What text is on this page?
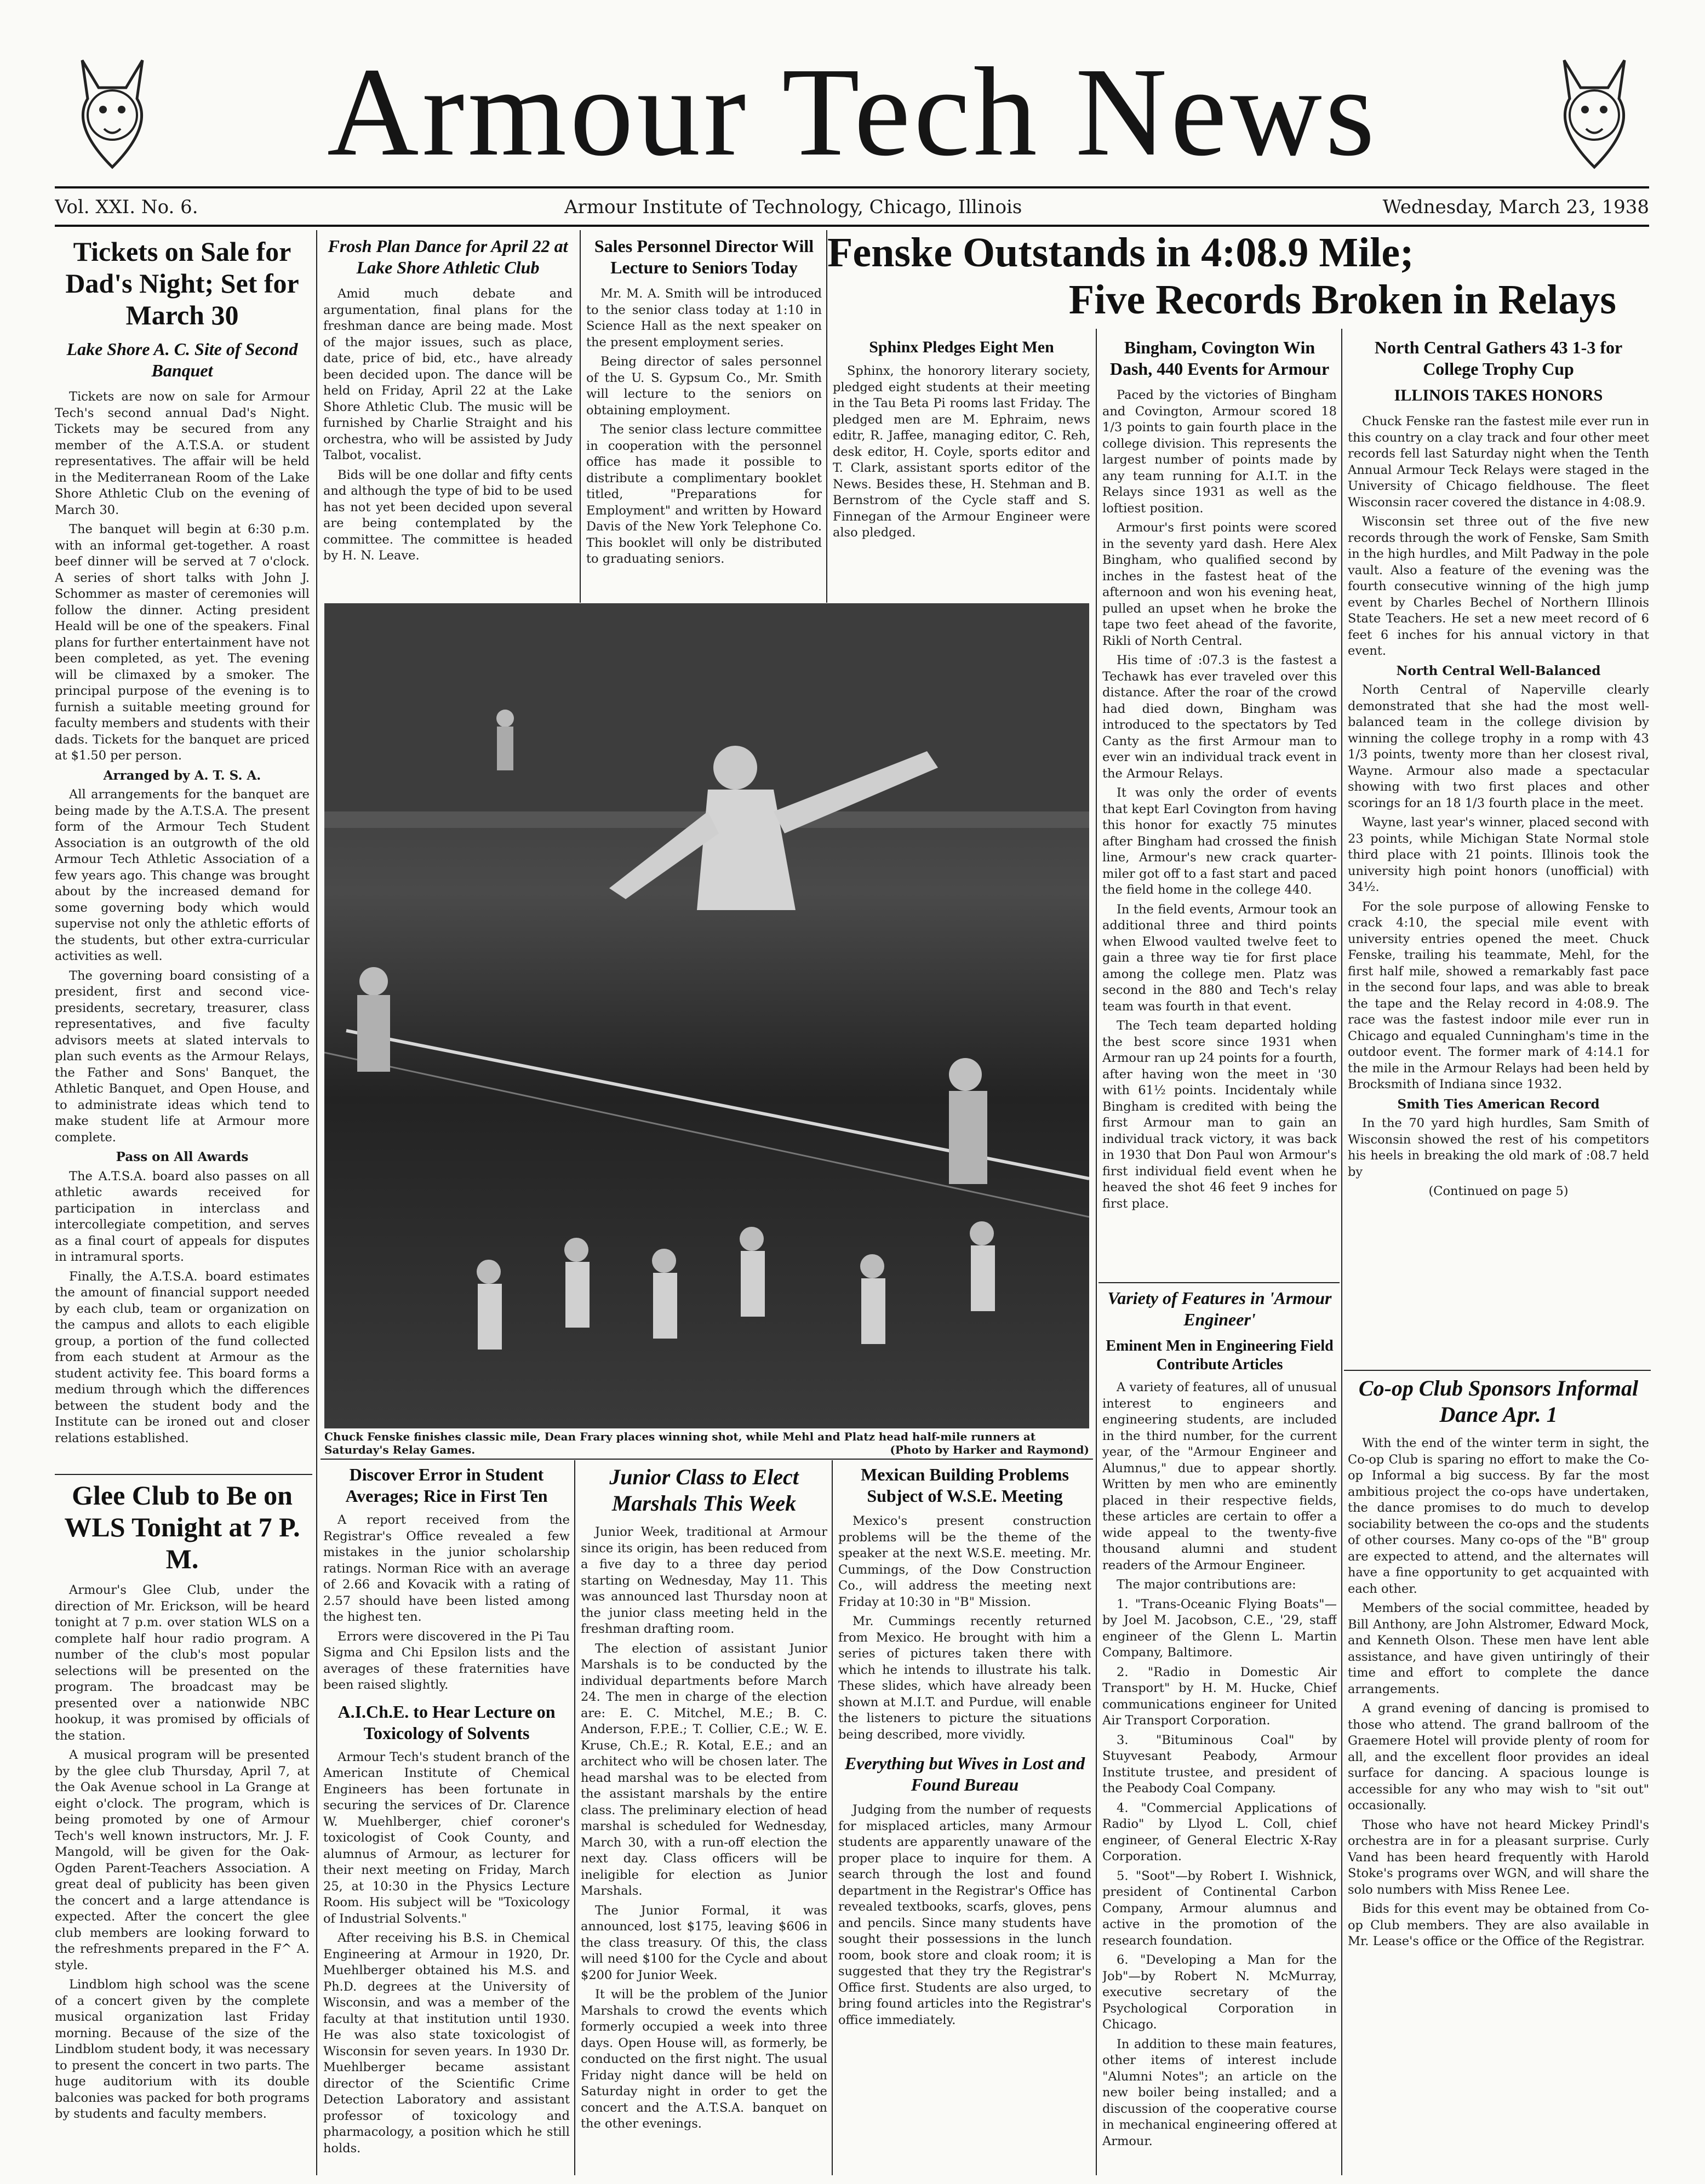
Armour Tech News
Vol. XXI. No. 6.	Armour Institute of Technology, Chicago, Illinois	Wednesday, March 23, 1938
Tickets on Sale for Dad's Night; Set for March 30
Lake Shore A. C. Site of Second Banquet

Tickets are now on sale for Armour Tech's second annual Dad's Night. Tickets may be secured from any member of the A.T.S.A. or student representatives. The affair will be held in the Mediterranean Room of the Lake Shore Athletic Club on the evening of March 30.

The banquet will begin at 6:30 p.m. with an informal get-together. A roast beef dinner will be served at 7 o'clock. A series of short talks with John J. Schommer as master of ceremonies will follow the dinner. Acting president Heald will be one of the speakers. Final plans for further entertainment have not been completed, as yet. The evening will be climaxed by a smoker. The principal purpose of the evening is to furnish a suitable meeting ground for faculty members and students with their dads. Tickets for the banquet are priced at $1.50 per person.

Arranged by A. T. S. A.

All arrangements for the banquet are being made by the A.T.S.A. The present form of the Armour Tech Student Association is an outgrowth of the old Armour Tech Athletic Association of a few years ago. This change was brought about by the increased demand for some governing body which would supervise not only the athletic efforts of the students, but other extra-curricular activities as well.

The governing board consisting of a president, first and second vice-presidents, secretary, treasurer, class representatives, and five faculty advisors meets at slated intervals to plan such events as the Armour Relays, the Father and Sons' Banquet, the Athletic Banquet, and Open House, and to administrate ideas which tend to make student life at Armour more complete.

Pass on All Awards

The A.T.S.A. board also passes on all athletic awards received for participation in interclass and intercollegiate competition, and serves as a final court of appeals for disputes in intramural sports.

Finally, the A.T.S.A. board estimates the amount of financial support needed by each club, team or organization on the campus and allots to each eligible group, a portion of the fund collected from each student at Armour as the student activity fee. This board forms a medium through which the differences between the student body and the Institute can be ironed out and closer relations established.

Glee Club to Be on WLS Tonight at 7 P. M.

Armour's Glee Club, under the direction of Mr. Erickson, will be heard tonight at 7 p.m. over station WLS on a complete half hour radio program. A number of the club's most popular selections will be presented on the program. The broadcast may be presented over a nationwide NBC hookup, it was promised by officials of the station.

A musical program will be presented by the glee club Thursday, April 7, at the Oak Avenue school in La Grange at eight o'clock. The program, which is being promoted by one of Armour Tech's well known instructors, Mr. J. F. Mangold, will be given for the Oak-Ogden Parent-Teachers Association. A great deal of publicity has been given the concert and a large attendance is expected. After the concert the glee club members are looking forward to the refreshments prepared in the F^ A. style.

Lindblom high school was the scene of a concert given by the complete musical organization last Friday morning. Because of the size of the Lindblom student body, it was necessary to present the concert in two parts. The huge auditorium with its double balconies was packed for both programs by students and faculty members.

Frosh Plan Dance for April 22 at Lake Shore Athletic Club

Amid much debate and argumentation, final plans for the freshman dance are being made. Most of the major issues, such as place, date, price of bid, etc., have already been decided upon. The dance will be held on Friday, April 22 at the Lake Shore Athletic Club. The music will be furnished by Charlie Straight and his orchestra, who will be assisted by Judy Talbot, vocalist.

Bids will be one dollar and fifty cents and although the type of bid to be used has not yet been decided upon several are being contemplated by the committee. The committee is headed by H. N. Leave.

Sales Personnel Director Will Lecture to Seniors Today

Mr. M. A. Smith will be introduced to the senior class today at 1:10 in Science Hall as the next speaker on the present employment series.

Being director of sales personnel of the U. S. Gypsum Co., Mr. Smith will lecture to the seniors on obtaining employment.

The senior class lecture committee in cooperation with the personnel office has made it possible to distribute a complimentary booklet titled, "Preparations for Employment" and written by Howard Davis of the New York Telephone Co. This booklet will only be distributed to graduating seniors.

Fenske Outstands in 4:08.9 Mile;
Five Records Broken in Relays
Sphinx Pledges Eight Men

Sphinx, the honorory literary society, pledged eight students at their meeting in the Tau Beta Pi rooms last Friday. The pledged men are M. Ephraim, news editr, R. Jaffee, managing editor, C. Reh, desk editor, H. Coyle, sports editor and T. Clark, assistant sports editor of the News. Besides these, H. Stehman and B. Bernstrom of the Cycle staff and S. Finnegan of the Armour Engineer were also pledged.

Chuck Fenske finishes classic mile, Dean Frary places winning shot, while Mehl and Platz head half-mile runners at Saturday's Relay Games.	(Photo by Harker and Raymond)
Bingham, Covington Win Dash, 440 Events for Armour

Paced by the victories of Bingham and Covington, Armour scored 18 1/3 points to gain fourth place in the college division. This represents the largest number of points made by any team running for A.I.T. in the Relays since 1931 as well as the loftiest position.

Armour's first points were scored in the seventy yard dash. Here Alex Bingham, who qualified second by inches in the fastest heat of the afternoon and won his evening heat, pulled an upset when he broke the tape two feet ahead of the favorite, Rikli of North Central.

His time of :07.3 is the fastest a Techawk has ever traveled over this distance. After the roar of the crowd had died down, Bingham was introduced to the spectators by Ted Canty as the first Armour man to ever win an individual track event in the Armour Relays.

It was only the order of events that kept Earl Covington from having this honor for exactly 75 minutes after Bingham had crossed the finish line, Armour's new crack quarter-miler got off to a fast start and paced the field home in the college 440.

In the field events, Armour took an additional three and third points when Elwood vaulted twelve feet to gain a three way tie for first place among the college men. Platz was second in the 880 and Tech's relay team was fourth in that event.

The Tech team departed holding the best score since 1931 when Armour ran up 24 points for a fourth, after having won the meet in '30 with 61½ points. Incidentaly while Bingham is credited with being the first Armour man to gain an individual track victory, it was back in 1930 that Don Paul won Armour's first individual field event when he heaved the shot 46 feet 9 inches for first place.

Variety of Features in 'Armour Engineer'
Eminent Men in Engineering Field Contribute Articles

A variety of features, all of unusual interest to engineers and engineering students, are included in the third number, for the current year, of the "Armour Engineer and Alumnus," due to appear shortly. Written by men who are eminently placed in their respective fields, these articles are certain to offer a wide appeal to the twenty-five thousand alumni and student readers of the Armour Engineer.

The major contributions are:

1. "Trans-Oceanic Flying Boats"—by Joel M. Jacobson, C.E., '29, staff engineer of the Glenn L. Martin Company, Baltimore.
2. "Radio in Domestic Air Transport" by H. M. Hucke, Chief communications engineer for United Air Transport Corporation.
3. "Bituminous Coal" by Stuyvesant Peabody, Armour Institute trustee, and president of the Peabody Coal Company.
4. "Commercial Applications of Radio" by Llyod L. Coll, chief engineer, of General Electric X-Ray Corporation.
5. "Soot"—by Robert I. Wishnick, president of Continental Carbon Company, Armour alumnus and active in the promotion of the research foundation.
6. "Developing a Man for the Job"—by Robert N. McMurray, executive secretary of the Psychological Corporation in Chicago.

In addition to these main features, other items of interest include "Alumni Notes"; an article on the new boiler being installed; and a discussion of the cooperative course in mechanical engineering offered at Armour.

North Central Gathers 43 1-3 for College Trophy Cup
ILLINOIS TAKES HONORS

Chuck Fenske ran the fastest mile ever run in this country on a clay track and four other meet records fell last Saturday night when the Tenth Annual Armour Teck Relays were staged in the University of Chicago fieldhouse. The fleet Wisconsin racer covered the distance in 4:08.9.

Wisconsin set three out of the five new records through the work of Fenske, Sam Smith in the high hurdles, and Milt Padway in the pole vault. Also a feature of the evening was the fourth consecutive winning of the high jump event by Charles Bechel of Northern Illinois State Teachers. He set a new meet record of 6 feet 6 inches for his annual victory in that event.

North Central Well-Balanced

North Central of Naperville clearly demonstrated that she had the most well-balanced team in the college division by winning the college trophy in a romp with 43 1/3 points, twenty more than her closest rival, Wayne. Armour also made a spectacular showing with two first places and other scorings for an 18 1/3 fourth place in the meet.

Wayne, last year's winner, placed second with 23 points, while Michigan State Normal stole third place with 21 points. Illinois took the university high point honors (unofficial) with 34½.

For the sole purpose of allowing Fenske to crack 4:10, the special mile event with university entries opened the meet. Chuck Fenske, trailing his teammate, Mehl, for the first half mile, showed a remarkably fast pace in the second four laps, and was able to break the tape and the Relay record in 4:08.9. The race was the fastest indoor mile ever run in Chicago and equaled Cunningham's time in the outdoor event. The former mark of 4:14.1 for the mile in the Armour Relays had been held by Brocksmith of Indiana since 1932.

Smith Ties American Record

In the 70 yard high hurdles, Sam Smith of Wisconsin showed the rest of his competitors his heels in breaking the old mark of :08.7 held by

(Continued on page 5)

Co-op Club Sponsors Informal Dance Apr. 1

With the end of the winter term in sight, the Co-op Club is sparing no effort to make the Co-op Informal a big success. By far the most ambitious project the co-ops have undertaken, the dance promises to do much to develop sociability between the co-ops and the students of other courses. Many co-ops of the "B" group are expected to attend, and the alternates will have a fine opportunity to get acquainted with each other.

Members of the social committee, headed by Bill Anthony, are John Alstromer, Edward Mock, and Kenneth Olson. These men have lent able assistance, and have given untiringly of their time and effort to complete the dance arrangements.

A grand evening of dancing is promised to those who attend. The grand ballroom of the Graemere Hotel will provide plenty of room for all, and the excellent floor provides an ideal surface for dancing. A spacious lounge is accessible for any who may wish to "sit out" occasionally.

Those who have not heard Mickey Prindl's orchestra are in for a pleasant surprise. Curly Vand has been heard frequently with Harold Stoke's programs over WGN, and will share the solo numbers with Miss Renee Lee.

Bids for this event may be obtained from Co-op Club members. They are also available in Mr. Lease's office or the Office of the Registrar.

Discover Error in Student Averages; Rice in First Ten

A report received from the Registrar's Office revealed a few mistakes in the junior scholarship ratings. Norman Rice with an average of 2.66 and Kovacik with a rating of 2.57 should have been listed among the highest ten.

Errors were discovered in the Pi Tau Sigma and Chi Epsilon lists and the averages of these fraternities have been raised slightly.

A.I.Ch.E. to Hear Lecture on Toxicology of Solvents

Armour Tech's student branch of the American Institute of Chemical Engineers has been fortunate in securing the services of Dr. Clarence W. Muehlberger, chief coroner's toxicologist of Cook County, and alumnus of Armour, as lecturer for their next meeting on Friday, March 25, at 10:30 in the Physics Lecture Room. His subject will be "Toxicology of Industrial Solvents."

After receiving his B.S. in Chemical Engineering at Armour in 1920, Dr. Muehlberger obtained his M.S. and Ph.D. degrees at the University of Wisconsin, and was a member of the faculty at that institution until 1930. He was also state toxicologist of Wisconsin for seven years. In 1930 Dr. Muehlberger became assistant director of the Scientific Crime Detection Laboratory and assistant professor of toxicology and pharmacology, a position which he still holds.

Junior Class to Elect Marshals This Week

Junior Week, traditional at Armour since its origin, has been reduced from a five day to a three day period starting on Wednesday, May 11. This was announced last Thursday noon at the junior class meeting held in the freshman drafting room.

The election of assistant Junior Marshals is to be conducted by the individual departments before March 24. The men in charge of the election are: E. C. Mitchel, M.E.; B. C. Anderson, F.P.E.; T. Collier, C.E.; W. E. Kruse, Ch.E.; R. Kotal, E.E.; and an architect who will be chosen later. The head marshal was to be elected from the assistant marshals by the entire class. The preliminary election of head marshal is scheduled for Wednesday, March 30, with a run-off election the next day. Class officers will be ineligible for election as Junior Marshals.

The Junior Formal, it was announced, lost $175, leaving $606 in the class treasury. Of this, the class will need $100 for the Cycle and about $200 for Junior Week.

It will be the problem of the Junior Marshals to crowd the events which formerly occupied a week into three days. Open House will, as formerly, be conducted on the first night. The usual Friday night dance will be held on Saturday night in order to get the concert and the A.T.S.A. banquet on the other evenings.

Mexican Building Problems Subject of W.S.E. Meeting

Mexico's present construction problems will be the theme of the speaker at the next W.S.E. meeting. Mr. Cummings, of the Dow Construction Co., will address the meeting next Friday at 10:30 in "B" Mission.

Mr. Cummings recently returned from Mexico. He brought with him a series of pictures taken there with which he intends to illustrate his talk. These slides, which have already been shown at M.I.T. and Purdue, will enable the listeners to picture the situations being described, more vividly.

Everything but Wives in Lost and Found Bureau

Judging from the number of requests for misplaced articles, many Armour students are apparently unaware of the proper place to inquire for them. A search through the lost and found department in the Registrar's Office has revealed textbooks, scarfs, gloves, pens and pencils. Since many students have sought their possessions in the lunch room, book store and cloak room; it is suggested that they try the Registrar's Office first. Students are also urged, to bring found articles into the Registrar's office immediately.
